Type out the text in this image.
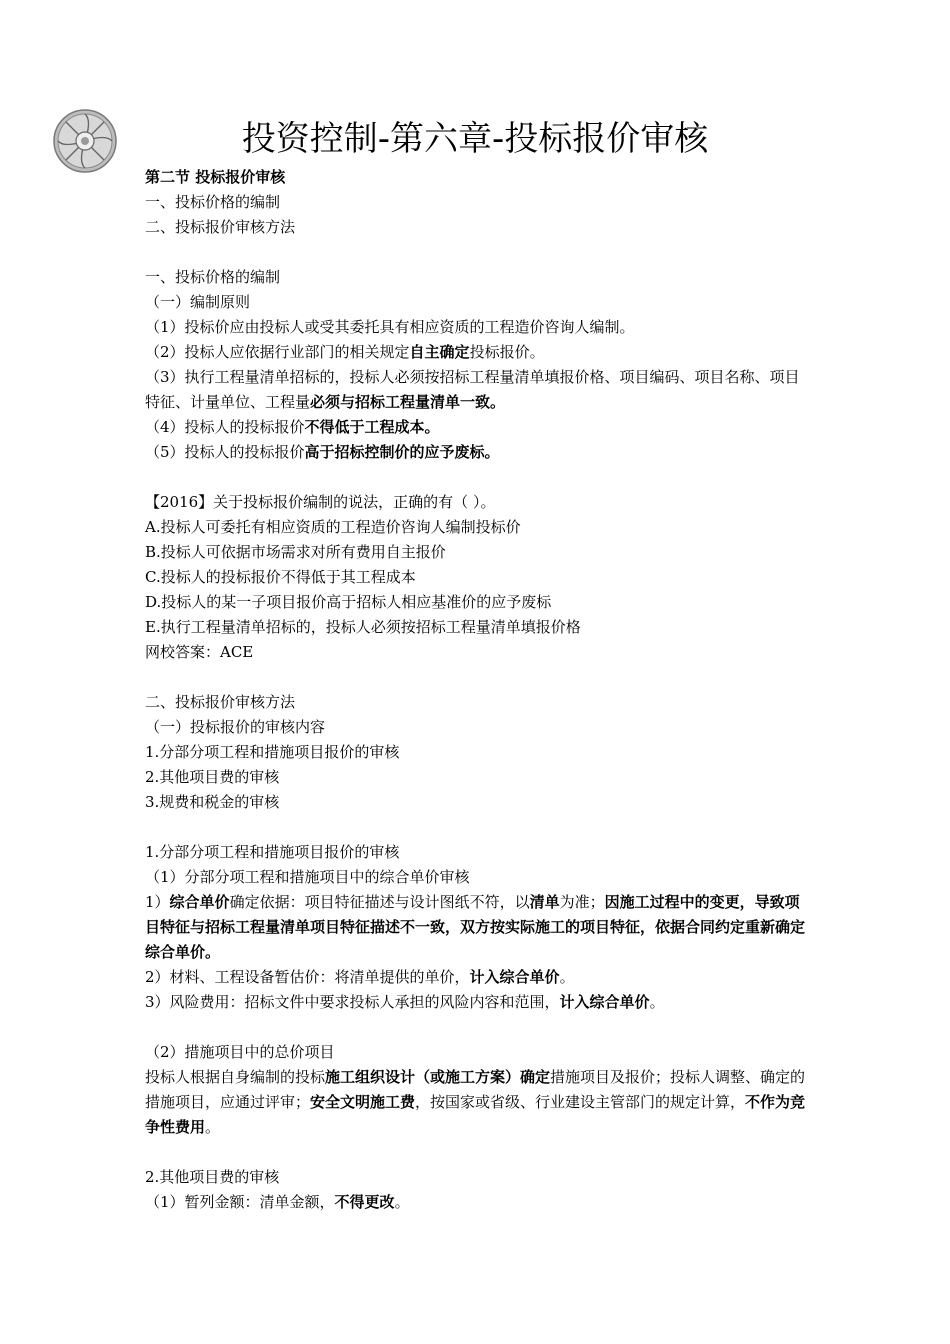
投资控制-第六章-投标报价审核
第二节 投标报价审核
一、投标价格的编制
二、投标报价审核方法
一、投标价格的编制
（一）编制原则
（1）投标价应由投标人或受其委托具有相应资质的工程造价咨询人编制。
（2）投标人应依据行业部门的相关规定自主确定投标报价。
（3）执行工程量清单招标的，投标人必须按招标工程量清单填报价格、项目编码、项目名称、项目特征、计量单位、工程量必须与招标工程量清单一致。
（4）投标人的投标报价不得低于工程成本。
（5）投标人的投标报价高于招标控制价的应予废标。
【2016】关于投标报价编制的说法，正确的有（ ）。
A.投标人可委托有相应资质的工程造价咨询人编制投标价
B.投标人可依据市场需求对所有费用自主报价
C.投标人的投标报价不得低于其工程成本
D.投标人的某一子项目报价高于招标人相应基准价的应予废标
E.执行工程量清单招标的，投标人必须按招标工程量清单填报价格
网校答案：ACE
二、投标报价审核方法
（一）投标报价的审核内容
1.分部分项工程和措施项目报价的审核
2.其他项目费的审核
3.规费和税金的审核
1.分部分项工程和措施项目报价的审核
（1）分部分项工程和措施项目中的综合单价审核
1）综合单价确定依据：项目特征描述与设计图纸不符，以清单为准；因施工过程中的变更，导致项目特征与招标工程量清单项目特征描述不一致，双方按实际施工的项目特征，依据合同约定重新确定综合单价。
2）材料、工程设备暂估价：将清单提供的单价，计入综合单价。
3）风险费用：招标文件中要求投标人承担的风险内容和范围，计入综合单价。
（2）措施项目中的总价项目
投标人根据自身编制的投标施工组织设计（或施工方案）确定措施项目及报价；投标人调整、确定的措施项目，应通过评审；安全文明施工费，按国家或省级、行业建设主管部门的规定计算，不作为竞争性费用。
2.其他项目费的审核
（1）暂列金额：清单金额，不得更改。
